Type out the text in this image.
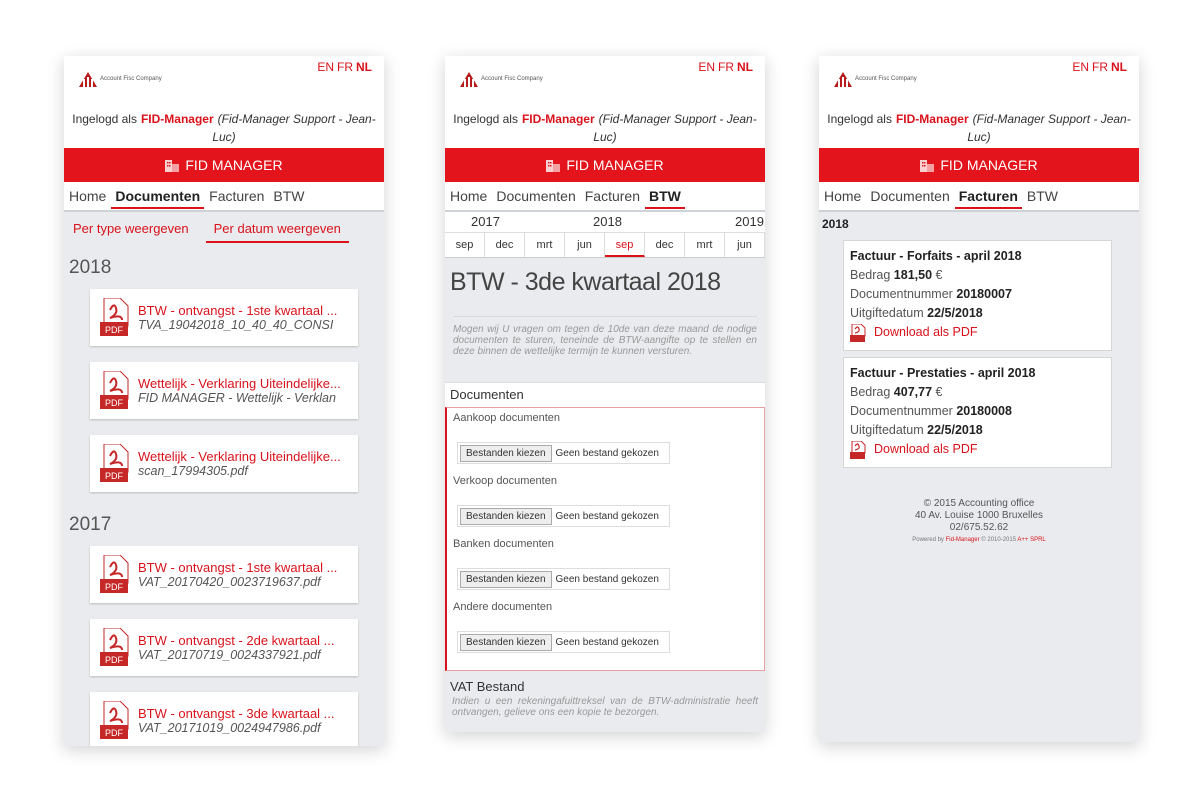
Account Fisc Company
EN FR NL
Ingelogd als FID-Manager (Fid-Manager Support - Jean-Luc)
FID MANAGER
Home Documenten Facturen BTW
Per type weergeven	Per datum weergeven
2018
PDF
BTW - ontvangst - 1ste kwartaal ...
TVA_19042018_10_40_40_CONSI
PDF
Wettelijk - Verklaring Uiteindelijke...
FID MANAGER - Wettelijk - Verklan
PDF
Wettelijk - Verklaring Uiteindelijke...
scan_17994305.pdf
2017
PDF
BTW - ontvangst - 1ste kwartaal ...
VAT_20170420_0023719637.pdf
PDF
BTW - ontvangst - 2de kwartaal ...
VAT_20170719_0024337921.pdf
PDF
BTW - ontvangst - 3de kwartaal ...
VAT_20171019_0024947986.pdf
Account Fisc Company
EN FR NL
Ingelogd als FID-Manager (Fid-Manager Support - Jean-Luc)
FID MANAGER
Home Documenten Facturen BTW
2017	2018	2019
sep	dec	mrt	jun	sep	dec	mrt	jun
BTW - 3de kwartaal 2018
Mogen wij U vragen om tegen de 10de van deze maand de nodige documenten te sturen, teneinde de BTW-aangifte op te stellen en deze binnen de wettelijke termijn te kunnen versturen.
Documenten
Aankoop documenten
Bestanden kiezen	Geen bestand gekozen
Verkoop documenten
Bestanden kiezen	Geen bestand gekozen
Banken documenten
Bestanden kiezen	Geen bestand gekozen
Andere documenten
Bestanden kiezen	Geen bestand gekozen
VAT Bestand
Indien u een rekeningafuittreksel van de BTW-administratie heeft ontvangen, gelieve ons een kopie te bezorgen.
Account Fisc Company
EN FR NL
Ingelogd als FID-Manager (Fid-Manager Support - Jean-Luc)
FID MANAGER
Home Documenten Facturen BTW
2018
Factuur - Forfaits - april 2018
Bedrag 181,50 €
Documentnummer 20180007
Uitgiftedatum 22/5/2018
Download als PDF
Factuur - Prestaties - april 2018
Bedrag 407,77 €
Documentnummer 20180008
Uitgiftedatum 22/5/2018
Download als PDF
© 2015 Accounting office
40 Av. Louise 1000 Bruxelles
02/675.52.62
Powered by Fid-Manager © 2010-2015 A++ SPRL
